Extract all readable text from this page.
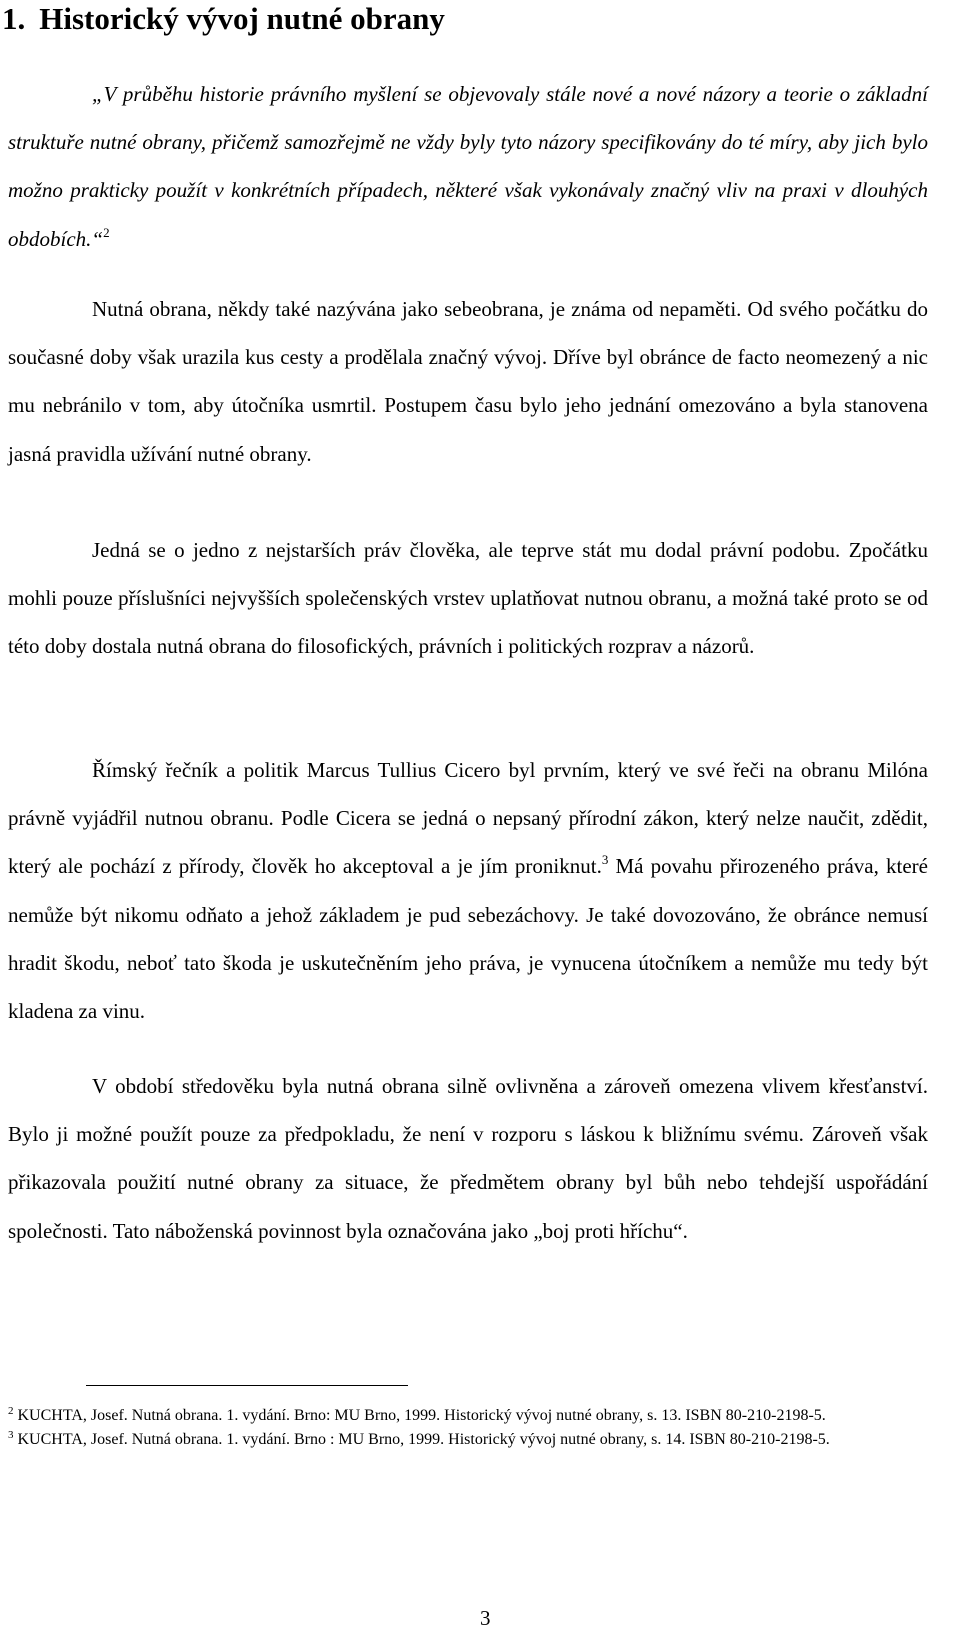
1. Historický vývoj nutné obrany

„V průběhu historie právního myšlení se objevovaly stále nové a nové názory a teorie o základní struktuře nutné obrany, přičemž samozřejmě ne vždy byly tyto názory specifikovány do té míry, aby jich bylo možno prakticky použít v konkrétních případech, některé však vykonávaly značný vliv na praxi v dlouhých obdobích.“$^2$

Nutná obrana, někdy také nazývána jako sebeobrana, je známa od nepaměti. Od svého počátku do současné doby však urazila kus cesty a prodělala značný vývoj. Dříve byl obránce de facto neomezený a nic mu nebránilo v tom, aby útočníka usmrtil. Postupem času bylo jeho jednání omezováno a byla stanovena jasná pravidla užívání nutné obrany.

Jedná se o jedno z nejstarších práv člověka, ale teprve stát mu dodal právní podobu. Zpočátku mohli pouze příslušníci nejvyšších společenských vrstev uplatňovat nutnou obranu, a možná také proto se od této doby dostala nutná obrana do filosofických, právních i politických rozprav a názorů.

Římský řečník a politik Marcus Tullius Cicero byl prvním, který ve své řeči na obranu Milóna právně vyjádřil nutnou obranu. Podle Cicera se jedná o nepsaný přírodní zákon, který nelze naučit, zdědit, který ale pochází z přírody, člověk ho akceptoval a je jím proniknut.$^3$ Má povahu přirozeného práva, které nemůže být nikomu odňato a jehož základem je pud sebezáchovy. Je také dovozováno, že obránce nemusí hradit škodu, neboť tato škoda je uskutečněním jeho práva, je vynucena útočníkem a nemůže mu tedy být kladena za vinu.

V období středověku byla nutná obrana silně ovlivněna a zároveň omezena vlivem křesťanství. Bylo ji možné použít pouze za předpokladu, že není v rozporu s láskou k bližnímu svému. Zároveň však přikazovala použití nutné obrany za situace, že předmětem obrany byl bůh nebo tehdejší uspořádání společnosti. Tato náboženská povinnost byla označována jako „boj proti hříchu“.

$^2$ KUCHTA, Josef. Nutná obrana. 1. vydání. Brno: MU Brno, 1999. Historický vývoj nutné obrany, s. 13. ISBN 80-210-2198-5.

$^3$ KUCHTA, Josef. Nutná obrana. 1. vydání. Brno : MU Brno, 1999. Historický vývoj nutné obrany, s. 14. ISBN 80-210-2198-5.

3
